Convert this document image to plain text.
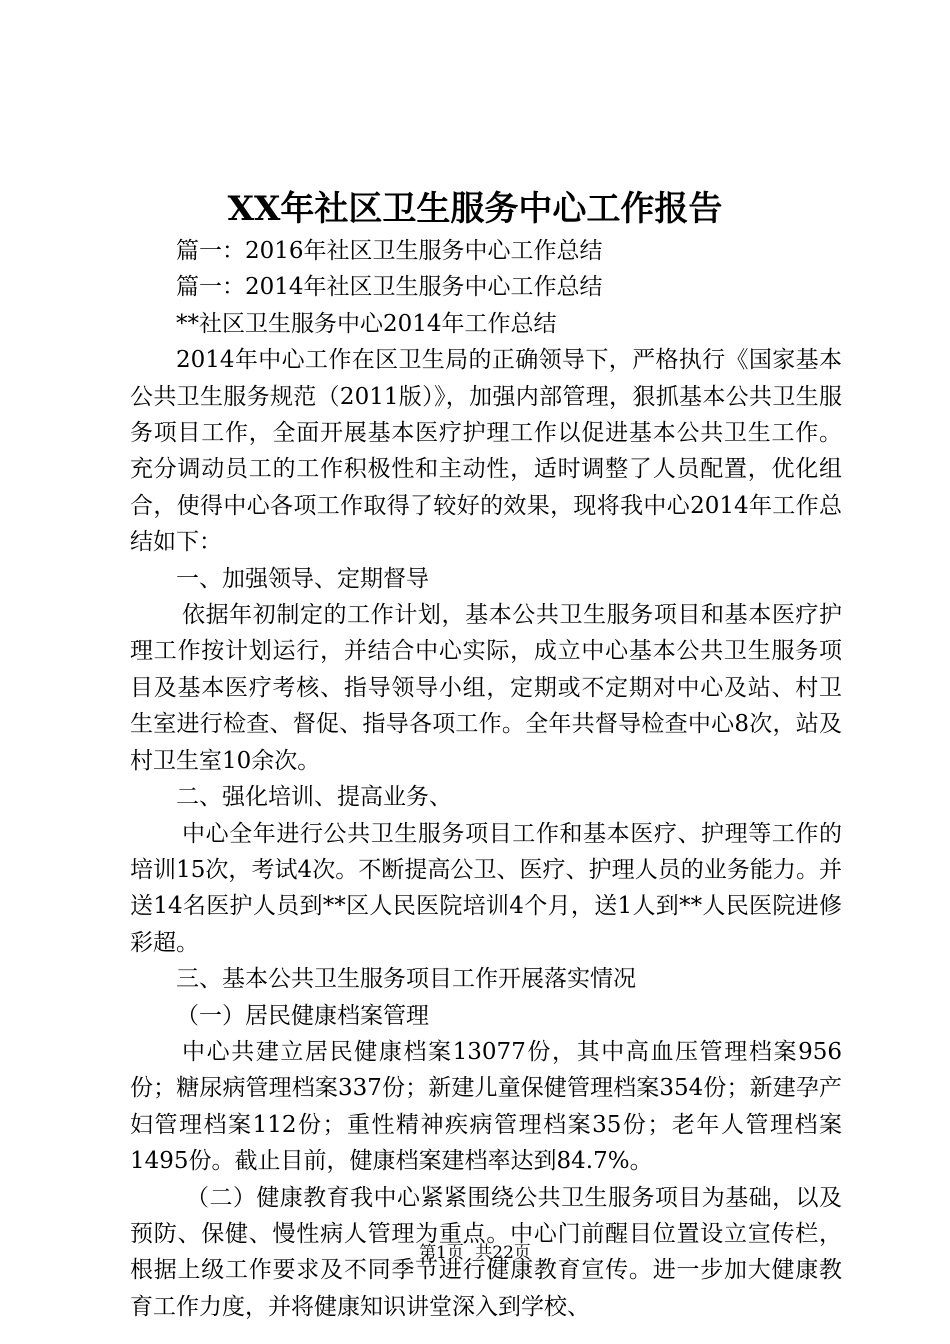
XX年社区卫生服务中心工作报告

篇一：2016年社区卫生服务中心工作总结

篇一：2014年社区卫生服务中心工作总结

**社区卫生服务中心2014年工作总结

2014年中心工作在区卫生局的正确领导下，严格执行《国家基本公共卫生服务规范（2011版）》，加强内部管理，狠抓基本公共卫生服务项目工作，全面开展基本医疗护理工作以促进基本公共卫生工作。充分调动员工的工作积极性和主动性，适时调整了人员配置，优化组合，使得中心各项工作取得了较好的效果，现将我中心2014年工作总结如下：

一、加强领导、定期督导

依据年初制定的工作计划，基本公共卫生服务项目和基本医疗护理工作按计划运行，并结合中心实际，成立中心基本公共卫生服务项目及基本医疗考核、指导领导小组，定期或不定期对中心及站、村卫生室进行检查、督促、指导各项工作。全年共督导检查中心8次，站及村卫生室10余次。

二、强化培训、提高业务、

中心全年进行公共卫生服务项目工作和基本医疗、护理等工作的培训15次，考试4次。不断提高公卫、医疗、护理人员的业务能力。并送14名医护人员到**区人民医院培训4个月，送1人到**人民医院进修彩超。

三、基本公共卫生服务项目工作开展落实情况

（一）居民健康档案管理

中心共建立居民健康档案13077份，其中高血压管理档案956份；糖尿病管理档案337份；新建儿童保健管理档案354份；新建孕产妇管理档案112份；重性精神疾病管理档案35份；老年人管理档案1495份。截止目前，健康档案建档率达到84.7%。

（二）健康教育我中心紧紧围绕公共卫生服务项目为基础，以及预防、保健、慢性病人管理为重点。中心门前醒目位置设立宣传栏，根据上级工作要求及不同季节进行健康教育宣传。进一步加大健康教育工作力度，并将健康知识讲堂深入到学校、

第1页 共22页
